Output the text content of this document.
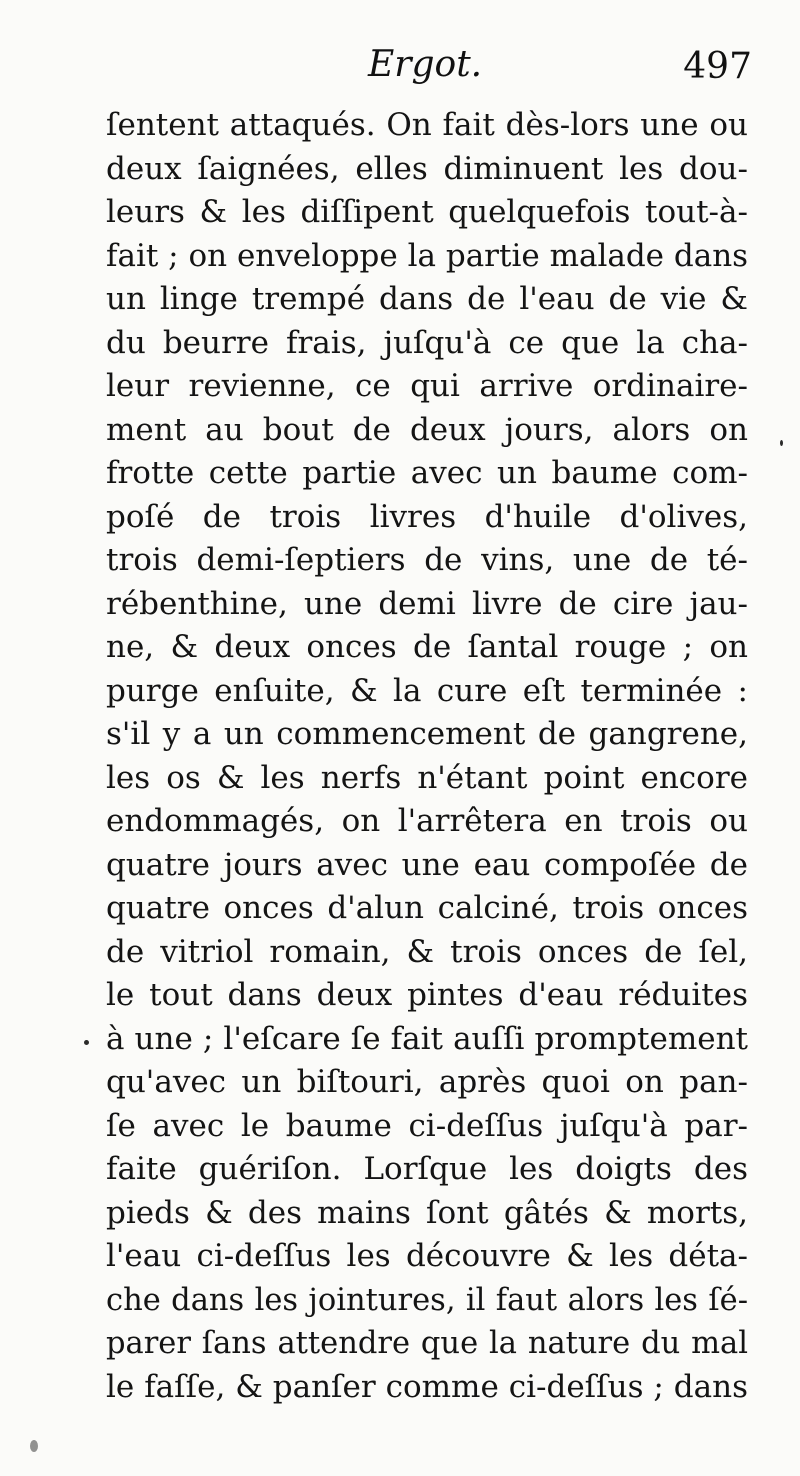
Ergot.	497
ſentent attaqués. On fait dès-lors une ou
deux ſaignées, elles diminuent les dou-
leurs & les diſſipent quelquefois tout-à-
fait ; on enveloppe la partie malade dans
un linge trempé dans de l'eau de vie &
du beurre frais, juſqu'à ce que la cha-
leur revienne, ce qui arrive ordinaire-
ment au bout de deux jours, alors on
frotte cette partie avec un baume com-
poſé de trois livres d'huile d'olives,
trois demi-ſeptiers de vins, une de té-
rébenthine, une demi livre de cire jau-
ne, & deux onces de ſantal rouge ; on
purge enſuite, & la cure eſt terminée :
s'il y a un commencement de gangrene,
les os & les nerfs n'étant point encore
endommagés, on l'arrêtera en trois ou
quatre jours avec une eau compoſée de
quatre onces d'alun calciné, trois onces
de vitriol romain, & trois onces de ſel,
le tout dans deux pintes d'eau réduites
à une ; l'eſcare ſe fait auſſi promptement
qu'avec un biſtouri, après quoi on pan-
ſe avec le baume ci-deſſus juſqu'à par-
faite guériſon. Lorſque les doigts des
pieds & des mains ſont gâtés & morts,
l'eau ci-deſſus les découvre & les déta-
che dans les jointures, il faut alors les ſé-
parer ſans attendre que la nature du mal
le faſſe, & panſer comme ci-deſſus ; dans
